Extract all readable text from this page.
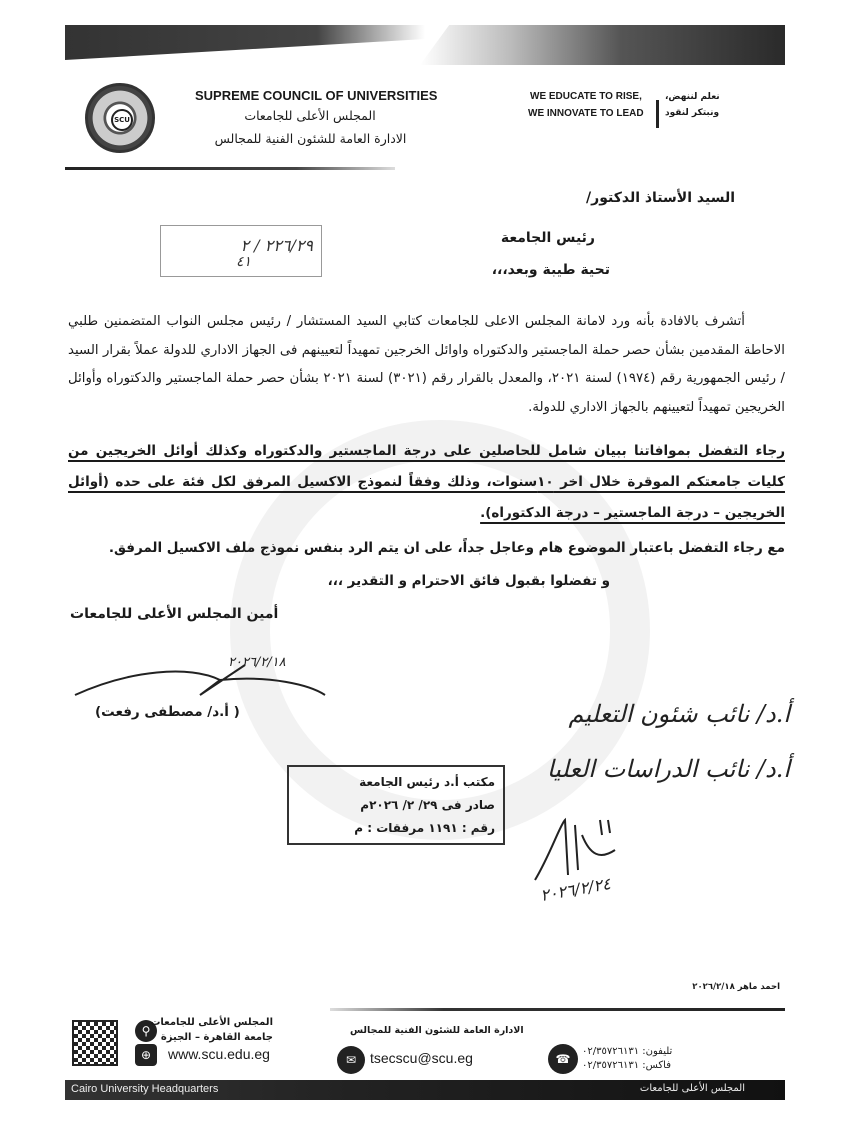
SCU
SUPREME COUNCIL OF UNIVERSITIES
المجلس الأعلى للجامعات
الادارة العامة للشئون الفنية للمجالس
WE EDUCATE TO RISE,
WE INNOVATE TO LEAD
نعلم لننهض،
ونبتكر لنقود
السيد الأستاذ الدكتور/
رئيس الجامعة
تحية طيبة وبعد،،،
٢٢٦/٢٩ / ٢
٤١
أتشرف بالافادة بأنه ورد لامانة المجلس الاعلى للجامعات كتابي السيد المستشار / رئيس مجلس النواب المتضمنين طلبي الاحاطة المقدمين بشأن حصر حملة الماجستير والدكتوراه واوائل الخرجين تمهيداً لتعيينهم فى الجهاز الاداري للدولة عملاً بقرار السيد / رئيس الجمهورية رقم (١٩٧٤) لسنة ٢٠٢١، والمعدل بالقرار رقم (٣٠٢١) لسنة ٢٠٢١ بشأن حصر حملة الماجستير والدكتوراه وأوائل الخريجين تمهيداً لتعيينهم بالجهاز الاداري للدولة.
رجاء التفضل بموافاتنا ببيان شامل للحاصلين على درجة الماجستير والدكتوراه وكذلك أوائل الخريجين من كليات جامعتكم الموقرة خلال اخر ١٠سنوات، وذلك وفقاً لنموذج الاكسيل المرفق لكل فئة على حده (أوائل الخريجين – درجة الماجستير – درجة الدكتوراه).
مع رجاء التفضل باعتبار الموضوع هام وعاجل جداً، على ان يتم الرد بنفس نموذج ملف الاكسيل المرفق.
و تفضلوا بقبول فائق الاحترام و التقدير ،،،
أمين المجلس الأعلى للجامعات
٢٠٢٦/٢/١٨
( أ.د/ مصطفى رفعت)	أ.د/ نائب شئون التعليم
أ.د/ نائب الدراسات العليا
٢٠٢٦/٢/٢٤
مكتب أ.د رئيس الجامعة
صادر فى ٢٩/ ٢/ ٢٠٢٦م
رقم : ١١٩١ مرفقات : م
احمد ماهر ٢٠٢٦/٢/١٨
⚲
⊕
المجلس الأعلى للجامعات
جامعة القاهرة – الجيزة
www.scu.edu.eg
الادارة العامة للشئون الفنية للمجالس
✉ tsecscu@scu.eg	☎
تليفون: ٠٢/٣٥٧٢٦١٣١
فاكس: ٠٢/٣٥٧٢٦١٣١
Cairo University Headquarters	المجلس الأعلى للجامعات
